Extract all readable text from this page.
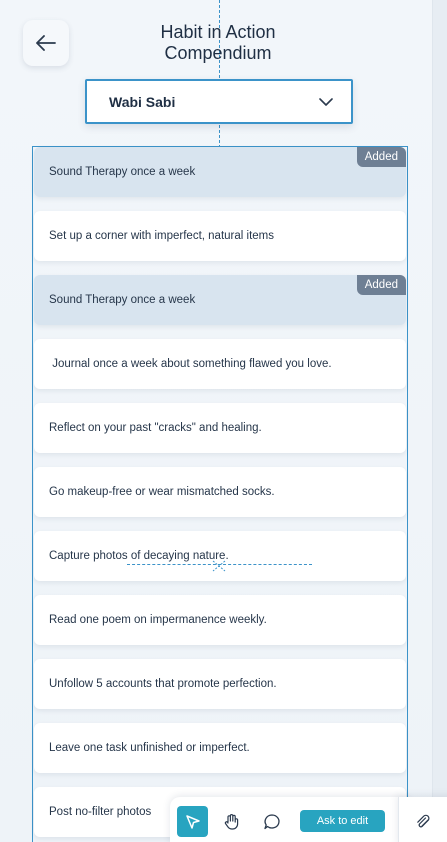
Habit in Action
Compendium
Wabi Sabi
Sound Therapy once a week
Added
Set up a corner with imperfect, natural items
Sound Therapy once a week
Added
Journal once a week about something flawed you love.
Reflect on your past "cracks" and healing.
Go makeup-free or wear mismatched socks.
Capture photos of decaying nature.
Read one poem on impermanence weekly.
Unfollow 5 accounts that promote perfection.
Leave one task unfinished or imperfect.
Post no-filter photos
Ask to edit
